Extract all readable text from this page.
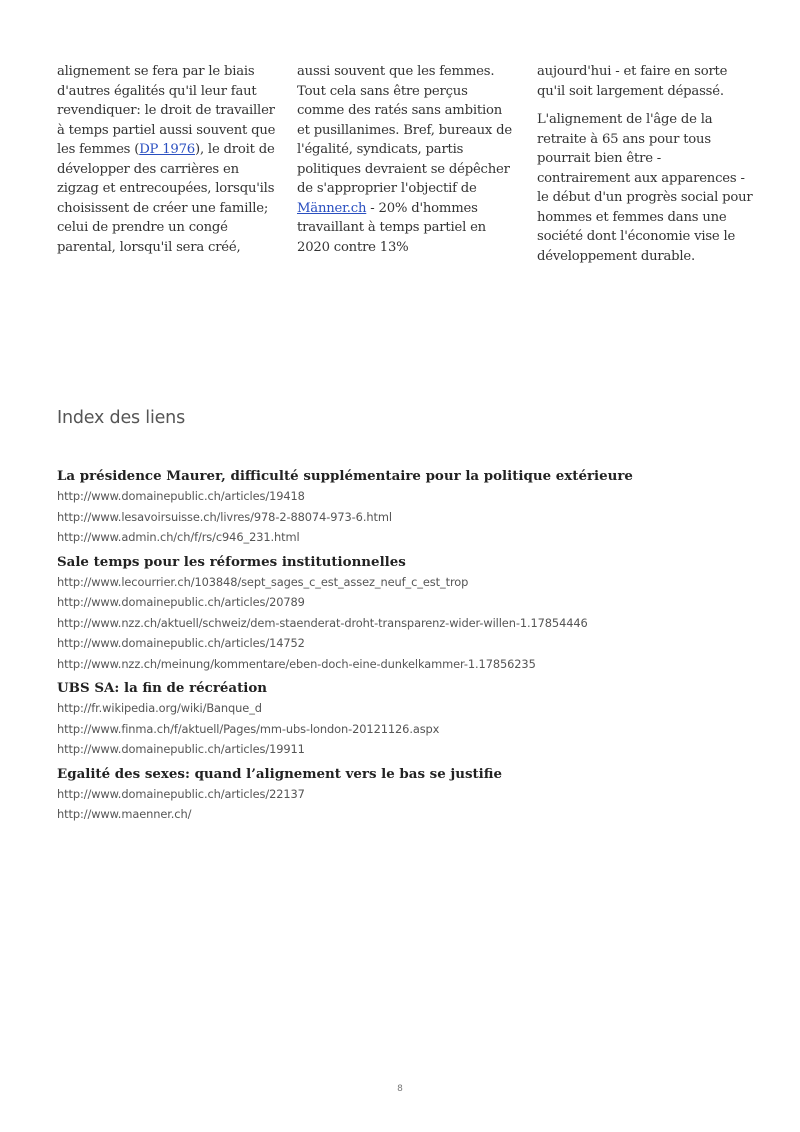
alignement se fera par le biais d'autres égalités qu'il leur faut revendiquer: le droit de travailler à temps partiel aussi souvent que les femmes (DP 1976), le droit de développer des carrières en zigzag et entrecoupées, lorsqu'ils choisissent de créer une famille; celui de prendre un congé parental, lorsqu'il sera créé,

aussi souvent que les femmes. Tout cela sans être perçus comme des ratés sans ambition et pusillanimes. Bref, bureaux de l'égalité, syndicats, partis politiques devraient se dépêcher de s'approprier l'objectif de Männer.ch - 20% d'hommes travaillant à temps partiel en 2020 contre 13%

aujourd'hui - et faire en sorte qu'il soit largement dépassé.

L'alignement de l'âge de la retraite à 65 ans pour tous pourrait bien être - contrairement aux apparences - le début d'un progrès social pour hommes et femmes dans une société dont l'économie vise le développement durable.

Index des liens
La présidence Maurer, difficulté supplémentaire pour la politique extérieure
http://www.domainepublic.ch/articles/19418
http://www.lesavoirsuisse.ch/livres/978-2-88074-973-6.html
http://www.admin.ch/ch/f/rs/c946_231.html
Sale temps pour les réformes institutionnelles
http://www.lecourrier.ch/103848/sept_sages_c_est_assez_neuf_c_est_trop
http://www.domainepublic.ch/articles/20789
http://www.nzz.ch/aktuell/schweiz/dem-staenderat-droht-transparenz-wider-willen-1.17854446
http://www.domainepublic.ch/articles/14752
http://www.nzz.ch/meinung/kommentare/eben-doch-eine-dunkelkammer-1.17856235
UBS SA: la fin de récréation
http://fr.wikipedia.org/wiki/Banque_d
http://www.finma.ch/f/aktuell/Pages/mm-ubs-london-20121126.aspx
http://www.domainepublic.ch/articles/19911
Egalité des sexes: quand l’alignement vers le bas se justifie
http://www.domainepublic.ch/articles/22137
http://www.maenner.ch/
8
